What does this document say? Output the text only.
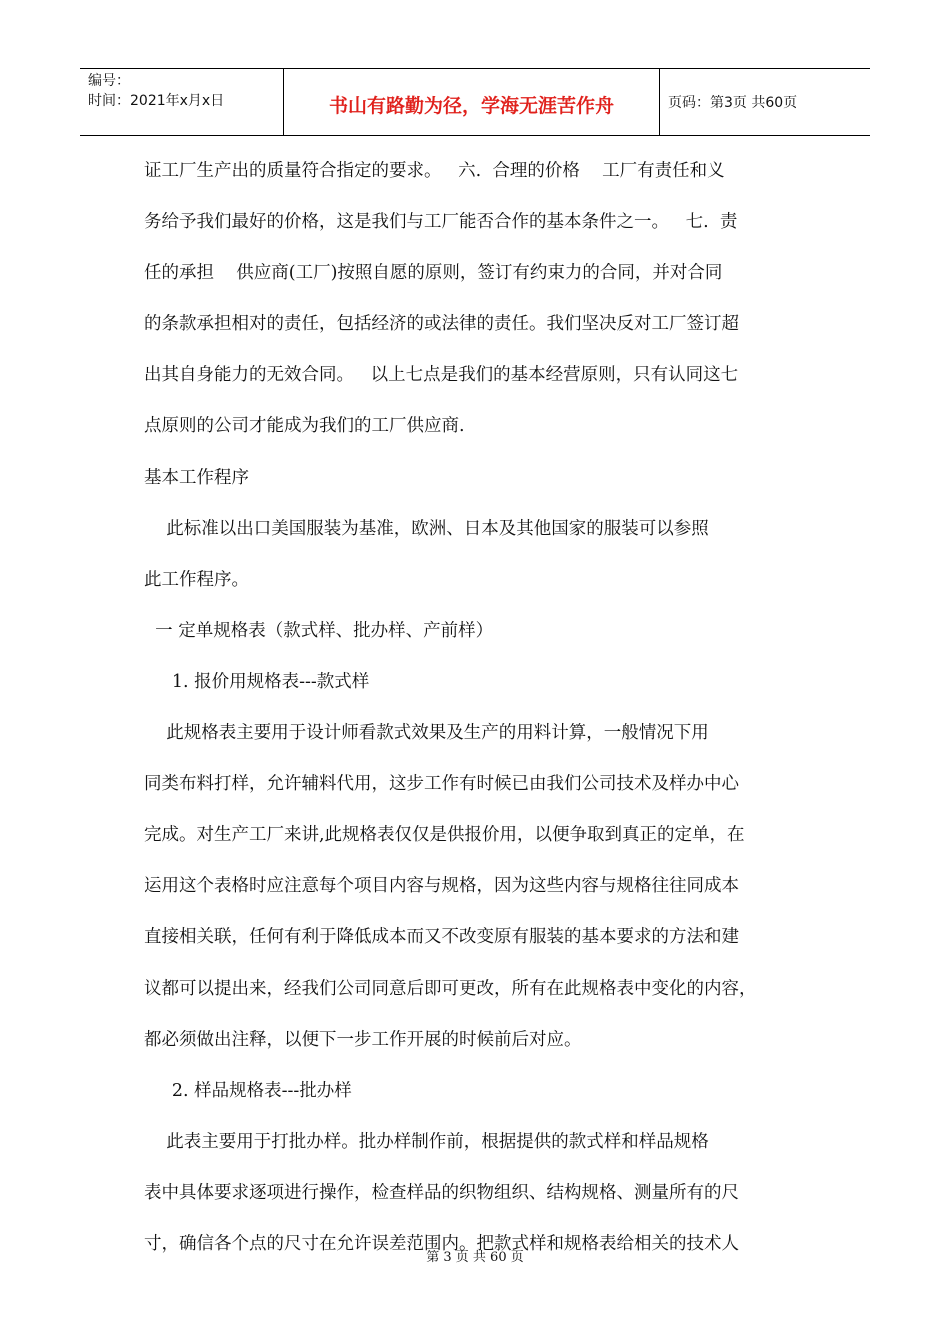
编号：
时间：2021年x月x日	书山有路勤为径，学海无涯苦作舟	页码：第3页 共60页
证工厂生产出的质量符合指定的要求。   六.  合理的价格    工厂有责任和义
务给予我们最好的价格，这是我们与工厂能否合作的基本条件之一。   七.  责
任的承担    供应商(工厂)按照自愿的原则，签订有约束力的合同，并对合同
的条款承担相对的责任，包括经济的或法律的责任。我们坚决反对工厂签订超
出其自身能力的无效合同。   以上七点是我们的基本经营原则，只有认同这七
点原则的公司才能成为我们的工厂供应商.
基本工作程序
此标准以出口美国服装为基准，欧洲、日本及其他国家的服装可以参照
此工作程序。
一 定单规格表（款式样、批办样、产前样）
1. 报价用规格表---款式样
此规格表主要用于设计师看款式效果及生产的用料计算，一般情况下用
同类布料打样，允许辅料代用，这步工作有时候已由我们公司技术及样办中心
完成。对生产工厂来讲,此规格表仅仅是供报价用，以便争取到真正的定单，在
运用这个表格时应注意每个项目内容与规格，因为这些内容与规格往往同成本
直接相关联，任何有利于降低成本而又不改变原有服装的基本要求的方法和建
议都可以提出来，经我们公司同意后即可更改，所有在此规格表中变化的内容，
都必须做出注释，以便下一步工作开展的时候前后对应。
2. 样品规格表---批办样
此表主要用于打批办样。批办样制作前，根据提供的款式样和样品规格
表中具体要求逐项进行操作，检查样品的织物组织、结构规格、测量所有的尺
寸，确信各个点的尺寸在允许误差范围内。把款式样和规格表给相关的技术人
第 3 页 共 60 页
